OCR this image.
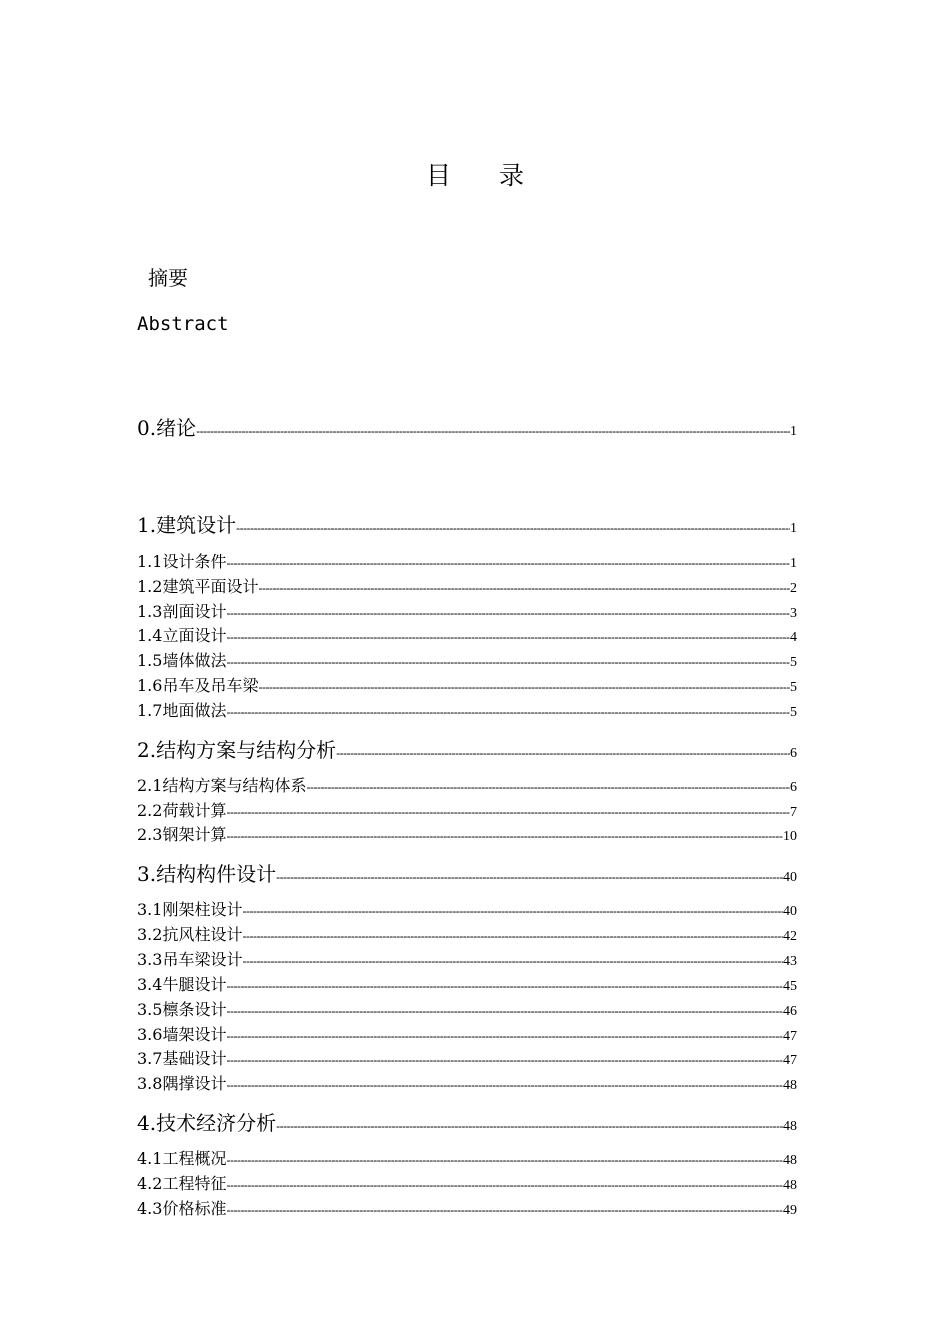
目 录
摘要
Abstract
0.绪论 -----	1
1.建筑设计 -----	1
1.1设计条件 -----	1
1.2建筑平面设计 -----	2
1.3剖面设计 -----	3
1.4立面设计 -----	4
1.5墙体做法 -----	5
1.6吊车及吊车梁 -----	5
1.7地面做法 -----	5
2.结构方案与结构分析 -----	6
2.1结构方案与结构体系 -----	6
2.2荷载计算 -----	7
2.3钢架计算 -----	10
3.结构构件设计 -----	40
3.1刚架柱设计 -----	40
3.2抗风柱设计 -----	42
3.3吊车梁设计 -----	43
3.4牛腿设计 -----	45
3.5檩条设计 -----	46
3.6墙架设计 -----	47
3.7基础设计 -----	47
3.8隅撑设计 -----	48
4.技术经济分析 -----	48
4.1工程概况 -----	48
4.2工程特征 -----	48
4.3价格标准 -----	49
